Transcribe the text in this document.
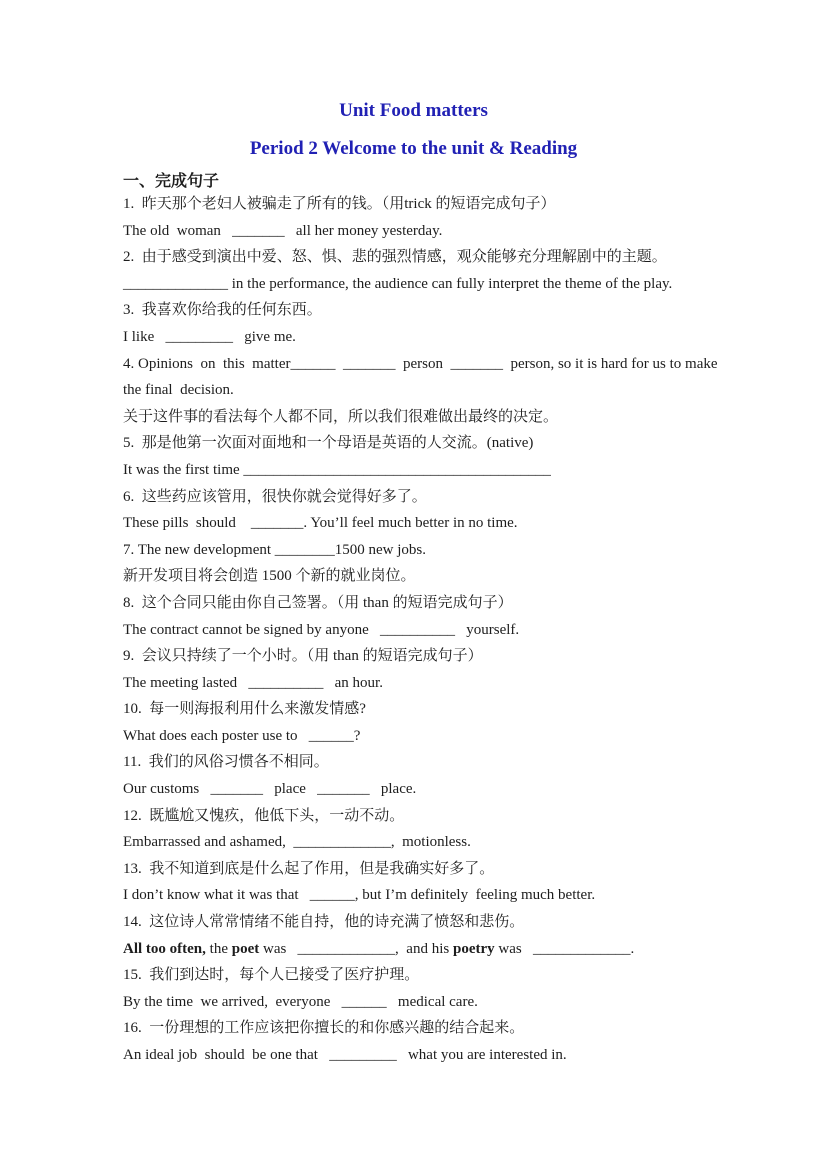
Unit Food matters
Period 2 Welcome to the unit & Reading
一、完成句子
1.  昨天那个老妇人被骗走了所有的钱。（用trick 的短语完成句子）
The old  woman   _______   all her money yesterday.
2.  由于感受到演出中爱、怒、惧、悲的强烈情感，观众能够充分理解剧中的主题。
______________ in the performance, the audience can fully interpret the theme of the play.
3.  我喜欢你给我的任何东西。
I like   _________   give me.
4. Opinions  on  this  matter______  _______  person  _______  person, so it is hard for us to make
the final  decision.
关于这件事的看法每个人都不同，所以我们很难做出最终的决定。
5.  那是他第一次面对面地和一个母语是英语的人交流。(native)
It was the first time _________________________________________
6.  这些药应该管用，很快你就会觉得好多了。
These pills  should    _______. You’ll feel much better in no time.
7. The new development ________1500 new jobs.
新开发项目将会创造 1500 个新的就业岗位。
8.  这个合同只能由你自己签署。（用 than 的短语完成句子）
The contract cannot be signed by anyone   __________   yourself.
9.  会议只持续了一个小时。（用 than 的短语完成句子）
The meeting lasted   __________   an hour.
10.  每一则海报利用什么来激发情感?
What does each poster use to   ______?
11.  我们的风俗习惯各不相同。
Our customs   _______   place   _______   place.
12.  既尴尬又愧疚，他低下头，一动不动。
Embarrassed and ashamed,  _____________,  motionless.
13.  我不知道到底是什么起了作用，但是我确实好多了。
I don’t know what it was that   ______, but I’m definitely  feeling much better.
14.  这位诗人常常情绪不能自持，他的诗充满了愤怒和悲伤。
All too often, the poet was   _____________,  and his poetry was   _____________.
15.  我们到达时，每个人已接受了医疗护理。
By the time  we arrived,  everyone   ______   medical care.
16.  一份理想的工作应该把你擅长的和你感兴趣的结合起来。
An ideal job  should  be one that   _________   what you are interested in.
